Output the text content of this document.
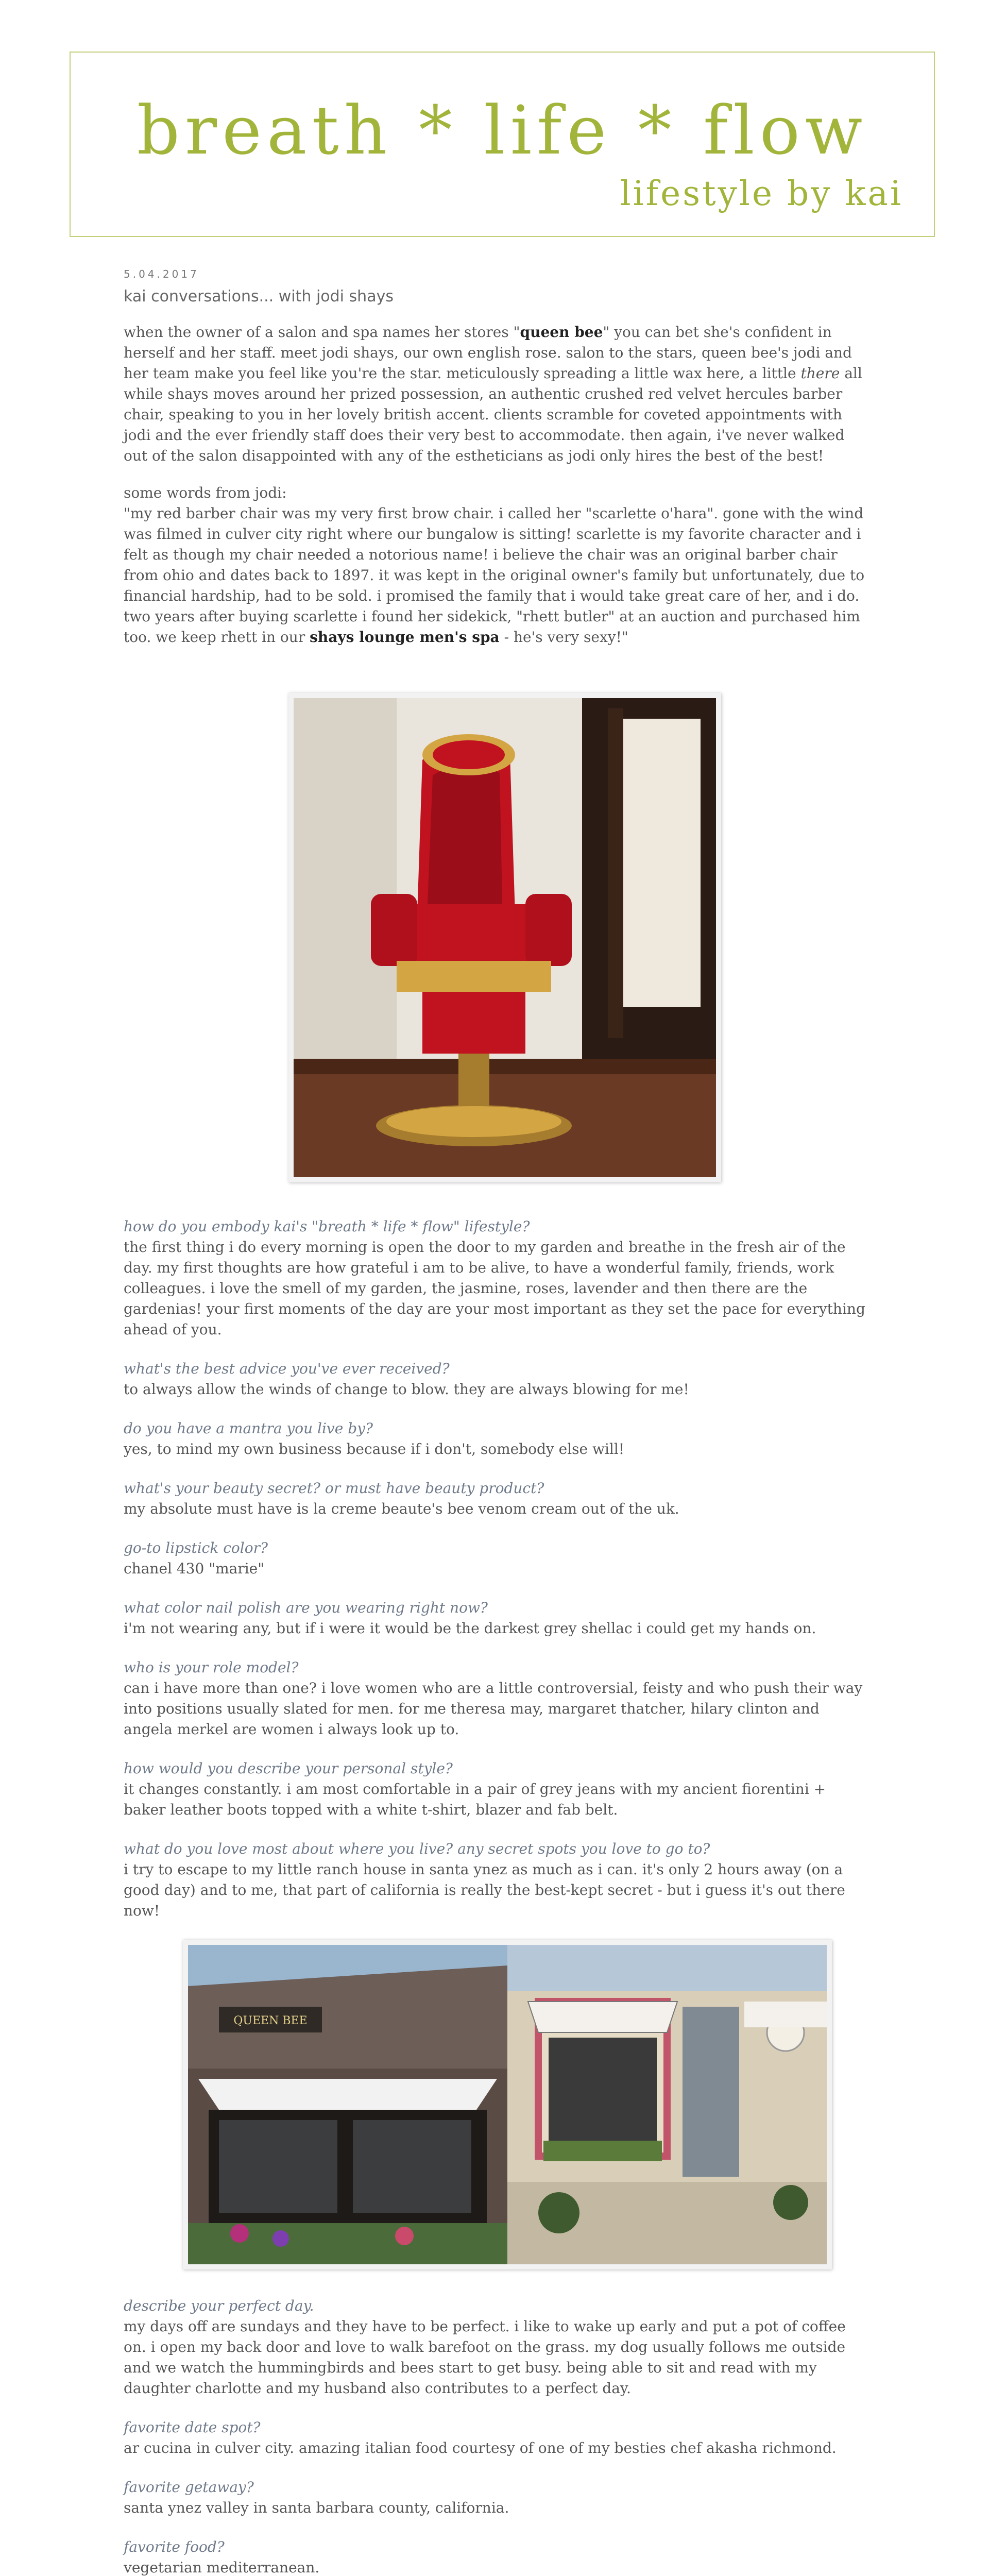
breath * life * flow
lifestyle by kai
5.04.2017
kai conversations... with jodi shays
when the owner of a salon and spa names her stores "queen bee" you can bet she's confident in herself and her staff. meet jodi shays, our own english rose. salon to the stars, queen bee's jodi and her team make you feel like you're the star. meticulously spreading a little wax here, a little there all while shays moves around her prized possession, an authentic crushed red velvet hercules barber chair, speaking to you in her lovely british accent. clients scramble for coveted appointments with jodi and the ever friendly staff does their very best to accommodate. then again, i've never walked out of the salon disappointed with any of the estheticians as jodi only hires the best of the best!
some words from jodi:
"my red barber chair was my very first brow chair. i called her "scarlette o'hara". gone with the wind was filmed in culver city right where our bungalow is sitting! scarlette is my favorite character and i felt as though my chair needed a notorious name! i believe the chair was an original barber chair from ohio and dates back to 1897. it was kept in the original owner's family but unfortunately, due to financial hardship, had to be sold. i promised the family that i would take great care of her, and i do. two years after buying scarlette i found her sidekick, "rhett butler" at an auction and purchased him too. we keep rhett in our shays lounge men's spa - he's very sexy!"
how do you embody kai's "breath * life * flow" lifestyle?
the first thing i do every morning is open the door to my garden and breathe in the fresh air of the day. my first thoughts are how grateful i am to be alive, to have a wonderful family, friends, work colleagues. i love the smell of my garden, the jasmine, roses, lavender and then there are the gardenias! your first moments of the day are your most important as they set the pace for everything ahead of you.
what's the best advice you've ever received?
to always allow the winds of change to blow. they are always blowing for me!
do you have a mantra you live by?
yes, to mind my own business because if i don't, somebody else will!
what's your beauty secret? or must have beauty product?
my absolute must have is la creme beaute's bee venom cream out of the uk.
go-to lipstick color?
chanel 430 "marie"
what color nail polish are you wearing right now?
i'm not wearing any, but if i were it would be the darkest grey shellac i could get my hands on.
who is your role model?
can i have more than one? i love women who are a little controversial, feisty and who push their way into positions usually slated for men. for me theresa may, margaret thatcher, hilary clinton and angela merkel are women i always look up to.
how would you describe your personal style?
it changes constantly. i am most comfortable in a pair of grey jeans with my ancient fiorentini + baker leather boots topped with a white t-shirt, blazer and fab belt.
what do you love most about where you live? any secret spots you love to go to?
i try to escape to my little ranch house in santa ynez as much as i can. it's only 2 hours away (on a good day) and to me, that part of california is really the best-kept secret - but i guess it's out there now!
QUEEN BEE
describe your perfect day.
my days off are sundays and they have to be perfect. i like to wake up early and put a pot of coffee on. i open my back door and love to walk barefoot on the grass. my dog usually follows me outside and we watch the hummingbirds and bees start to get busy. being able to sit and read with my daughter charlotte and my husband also contributes to a perfect day.
favorite date spot?
ar cucina in culver city. amazing italian food courtesy of one of my besties chef akasha richmond.
favorite getaway?
santa ynez valley in santa barbara county, california.
favorite food?
vegetarian mediterranean.
